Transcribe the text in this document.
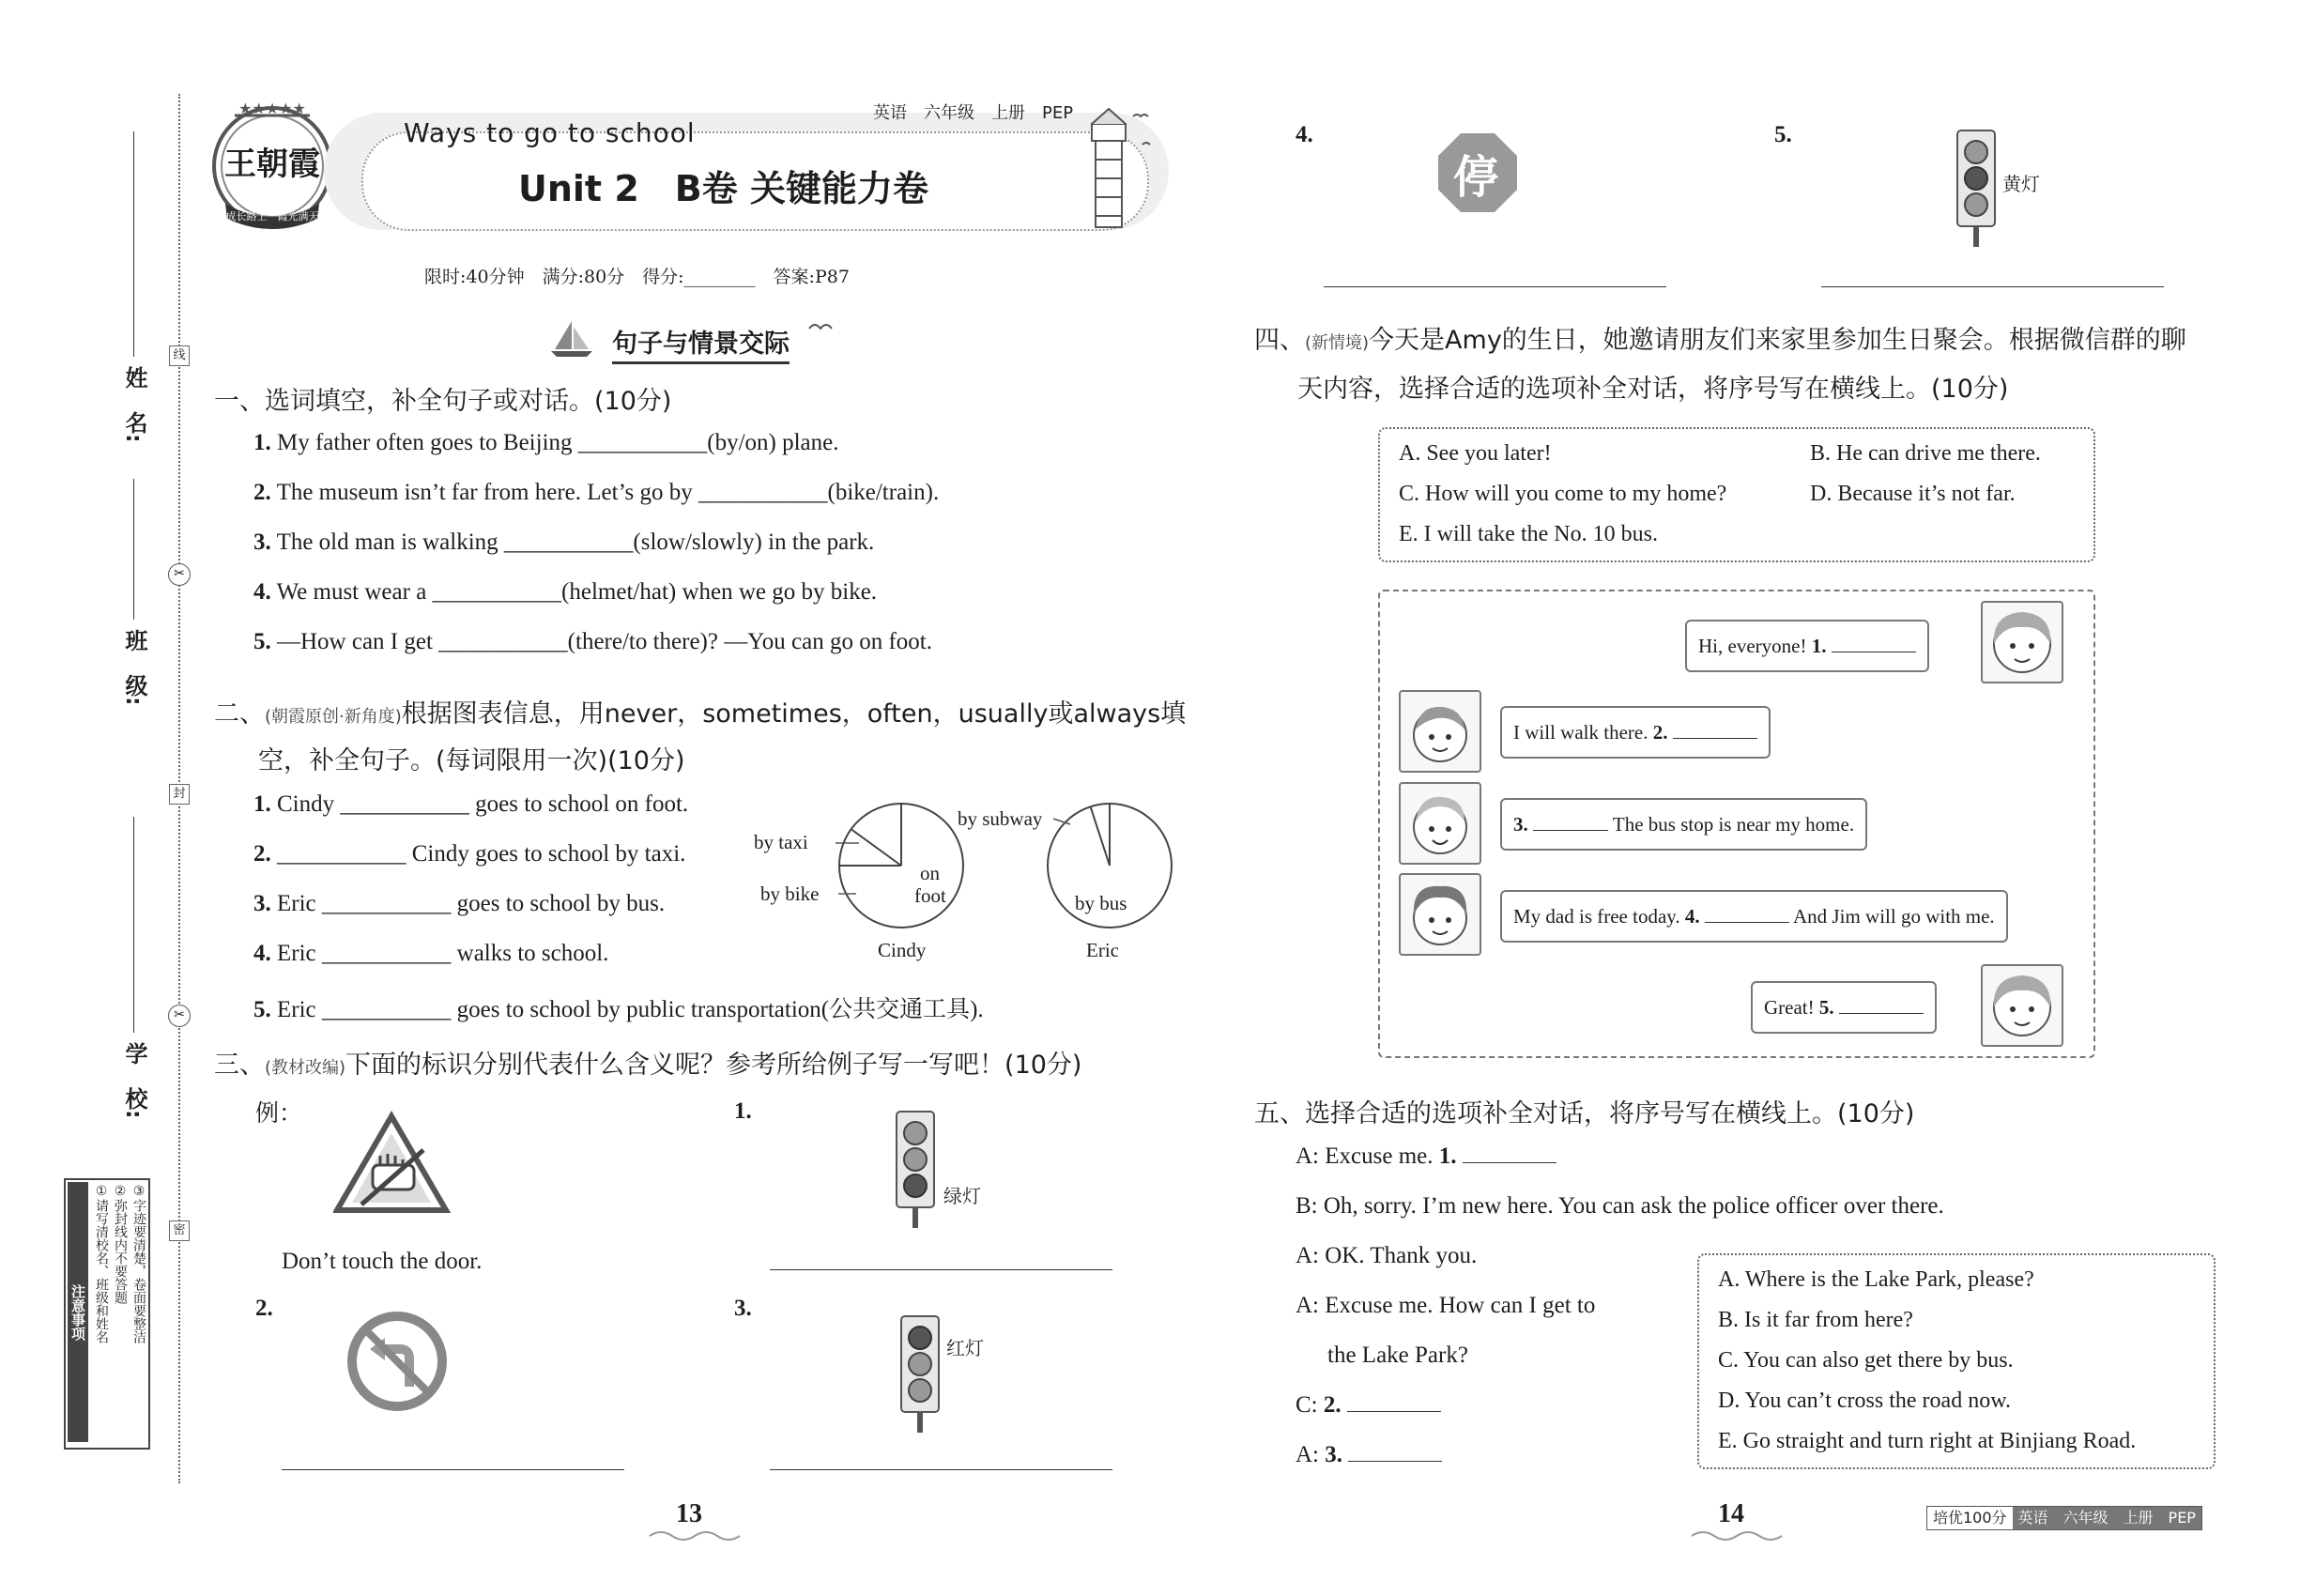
姓　名:
班　级:
学　校:
线
✂
封
✂
密
注意事项 ①请写清校名、班级和姓名 ②弥封线内不要答题 ③字迹要清楚，卷面要整洁
★★★★★
王朝霞
成长路上　霞光满天
Ways to go to school
Unit 2　B卷 关键能力卷
英语　六年级　上册　PEP
限时:40分钟　满分:80分　得分:________　答案:P87
句子与情景交际
一、选词填空，补全句子或对话。(10分)
1. My father often goes to Beijing ___________(by/on) plane.
2. The museum isn’t far from here. Let’s go by ___________(bike/train).
3. The old man is walking ___________(slow/slowly) in the park.
4. We must wear a ___________(helmet/hat) when we go by bike.
5. —How can I get ___________(there/to there)? —You can go on foot.
二、(朝霞原创·新角度)根据图表信息，用never，sometimes，often，usually或always填
空，补全句子。(每词限用一次)(10分)
1. Cindy ___________ goes to school on foot.
2. ___________ Cindy goes to school by taxi.
3. Eric ___________ goes to school by bus.
4. Eric ___________ walks to school.
5. Eric ___________ goes to school by public transportation(公共交通工具).
by taxi
by bike
on
foot
Cindy
by subway
by bus
Eric
三、(教材改编)下面的标识分别代表什么含义呢？参考所给例子写一写吧！(10分)
例：
Don’t touch the door.
1.
绿灯
2.	3.
红灯
4.
停
5.
黄灯
13
四、(新情境)今天是Amy的生日，她邀请朋友们来家里参加生日聚会。根据微信群的聊
天内容，选择合适的选项补全对话，将序号写在横线上。(10分)
A. See you later!	B. He can drive me there.
C. How will you come to my home?	D. Because it’s not far.
E. I will take the No. 10 bus.
Hi, everyone! 1.
I will walk there. 2.
3.	The bus stop is near my home.
My dad is free today. 4.	And Jim will go with me.
Great! 5.
五、选择合适的选项补全对话，将序号写在横线上。(10分)
A: Excuse me. 1.
B: Oh, sorry. I’m new here. You can ask the police officer over there.
A: OK. Thank you.
A: Excuse me. How can I get to
the Lake Park?
C: 2.
A: 3.
A. Where is the Lake Park, please?
B. Is it far from here?
C. You can also get there by bus.
D. You can’t cross the road now.
E. Go straight and turn right at Binjiang Road.
14	培优100分 英语　六年级　上册　PEP
